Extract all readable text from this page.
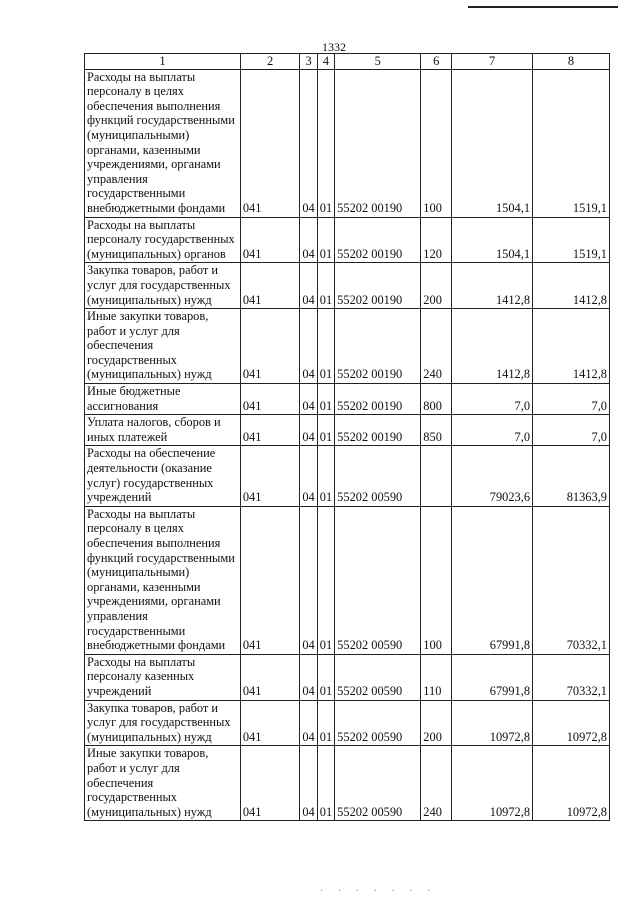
1332
1	2	3	4	5	6	7	8
Расходы на выплаты персоналу в целях обеспечения выполнения функций государственными (муниципальными) органами, казенными учреждениями, органами управления государственными внебюджетными фондами	041	04	01	55202 00190	100	1504,1	1519,1
Расходы на выплаты персоналу государственных (муниципальных) органов	041	04	01	55202 00190	120	1504,1	1519,1
Закупка товаров, работ и услуг для государственных (муниципальных) нужд	041	04	01	55202 00190	200	1412,8	1412,8
Иные закупки товаров, работ и услуг для обеспечения государственных (муниципальных) нужд	041	04	01	55202 00190	240	1412,8	1412,8
Иные бюджетные ассигнования	041	04	01	55202 00190	800	7,0	7,0
Уплата налогов, сборов и иных платежей	041	04	01	55202 00190	850	7,0	7,0
Расходы на обеспечение деятельности (оказание услуг) государственных учреждений	041	04	01	55202 00590		79023,6	81363,9
Расходы на выплаты персоналу в целях обеспечения выполнения функций государственными (муниципальными) органами, казенными учреждениями, органами управления государственными внебюджетными фондами	041	04	01	55202 00590	100	67991,8	70332,1
Расходы на выплаты персоналу казенных учреждений	041	04	01	55202 00590	110	67991,8	70332,1
Закупка товаров, работ и услуг для государственных (муниципальных) нужд	041	04	01	55202 00590	200	10972,8	10972,8
Иные закупки товаров, работ и услуг для обеспечения государственных (муниципальных) нужд	041	04	01	55202 00590	240	10972,8	10972,8
· · · · · · ·
